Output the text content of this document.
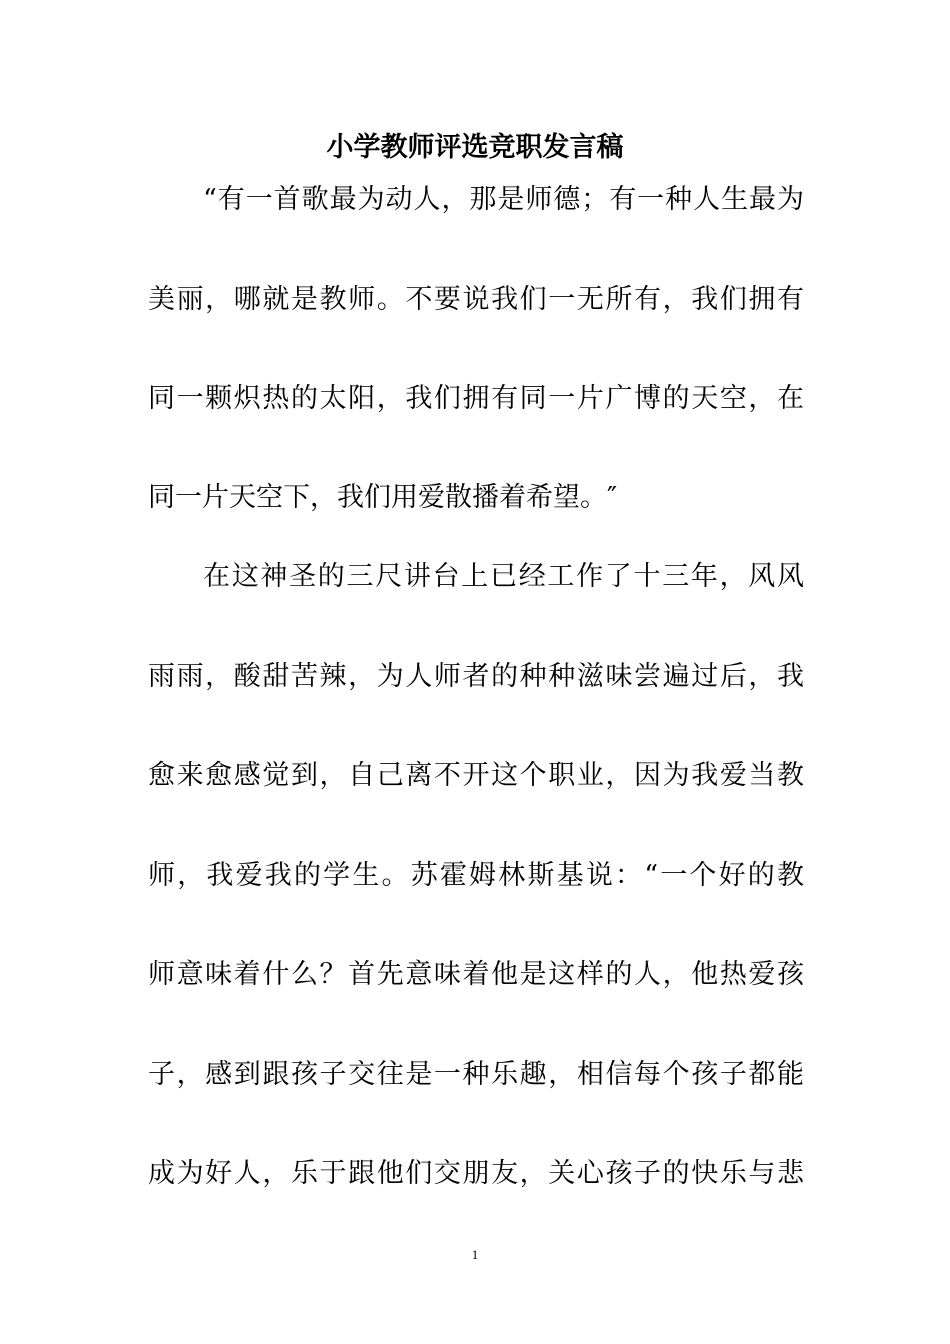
小学教师评选竞职发言稿
“有一首歌最为动人，那是师德；有一种人生最为
美丽，哪就是教师。不要说我们一无所有，我们拥有
同一颗炽热的太阳，我们拥有同一片广博的天空，在
同一片天空下，我们用爱散播着希望。″
在这神圣的三尺讲台上已经工作了十三年，风风
雨雨，酸甜苦辣，为人师者的种种滋味尝遍过后，我
愈来愈感觉到，自己离不开这个职业，因为我爱当教
师，我爱我的学生。苏霍姆林斯基说：“一个好的教
师意味着什么？首先意味着他是这样的人，他热爱孩
子，感到跟孩子交往是一种乐趣，相信每个孩子都能
成为好人，乐于跟他们交朋友，关心孩子的快乐与悲
1
